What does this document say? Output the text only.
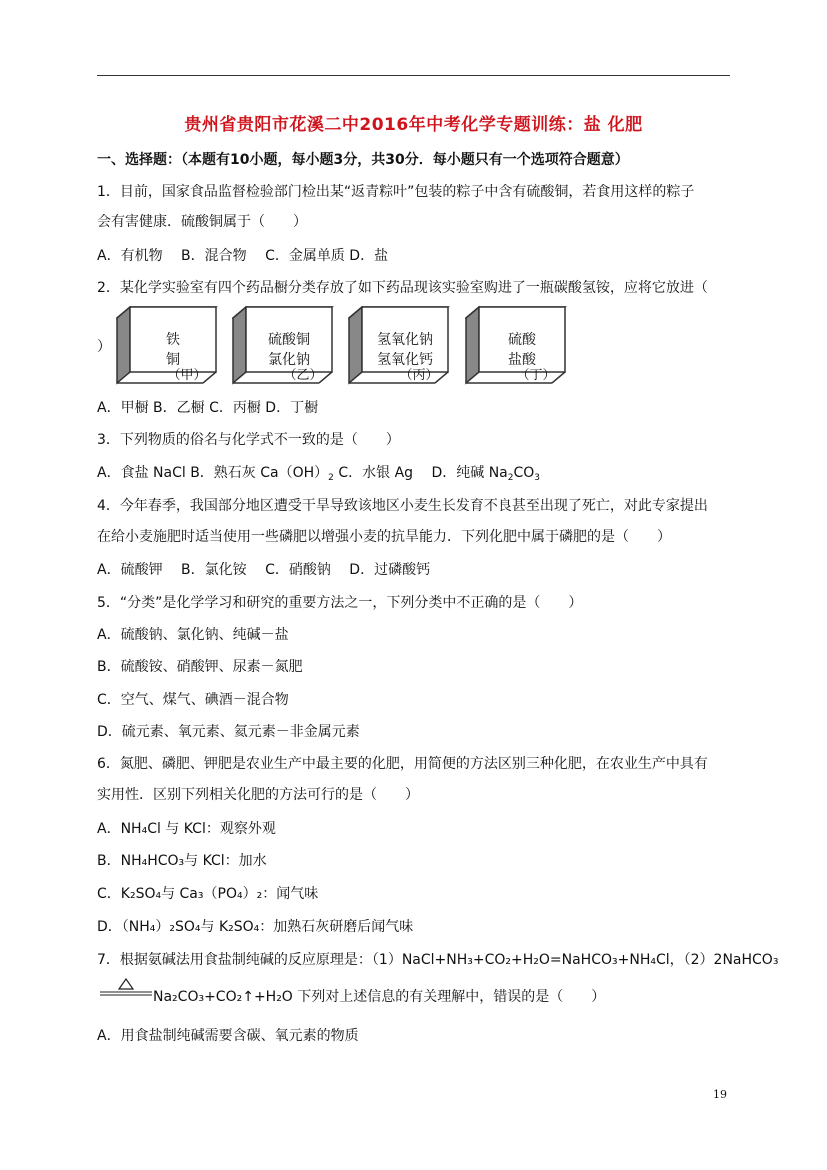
贵州省贵阳市花溪二中2016年中考化学专题训练：盐 化肥
一、选择题：（本题有10小题，每小题3分，共30分．每小题只有一个选项符合题意）
1．目前，国家食品监督检验部门检出某“返青粽叶”包装的粽子中含有硫酸铜，若食用这样的粽子
会有害健康．硫酸铜属于（　　）
A．有机物　 B．混合物　 C．金属单质 D．盐
2．某化学实验室有四个药品橱分类存放了如下药品现该实验室购进了一瓶碳酸氢铵，应将它放进（
）	铁
铜
（甲）
硫酸铜
氯化钠
（乙）
氢氧化钠
氢氧化钙
（丙）
硫酸
盐酸
（丁）
A．甲橱 B．乙橱 C．丙橱 D．丁橱
3．下列物质的俗名与化学式不一致的是（　　）
A．食盐 NaCl B．熟石灰 $Ca(OH)_2$ C．水银 Ag　 D．纯碱 $Na_2CO_3$
4．今年春季，我国部分地区遭受干旱导致该地区小麦生长发育不良甚至出现了死亡，对此专家提出
在给小麦施肥时适当使用一些磷肥以增强小麦的抗旱能力．下列化肥中属于磷肥的是（　　）
A．硫酸钾　 B．氯化铵　 C．硝酸钠　 D．过磷酸钙
5．“分类”是化学学习和研究的重要方法之一，下列分类中不正确的是（　　）
A．硫酸钠、氯化钠、纯碱－盐
B．硫酸铵、硝酸钾、尿素－氮肥
C．空气、煤气、碘酒－混合物
D．硫元素、氧元素、氦元素－非金属元素
6．氮肥、磷肥、钾肥是农业生产中最主要的化肥，用简便的方法区别三种化肥，在农业生产中具有
实用性．区别下列相关化肥的方法可行的是（　　）
A．NH₄Cl 与 KCl：观察外观
B．NH₄HCO₃与 KCl：加水
C．K₂SO₄与 Ca₃（PO₄）₂：闻气味
D．（NH₄）₂SO₄与 K₂SO₄：加熟石灰研磨后闻气味
7．根据氨碱法用食盐制纯碱的反应原理是：（1）NaCl+NH₃+CO₂+H₂O=NaHCO₃+NH₄Cl，（2）2NaHCO₃
Na₂CO₃+CO₂↑+H₂O 下列对上述信息的有关理解中，错误的是（　　）
A．用食盐制纯碱需要含碳、氧元素的物质
19
